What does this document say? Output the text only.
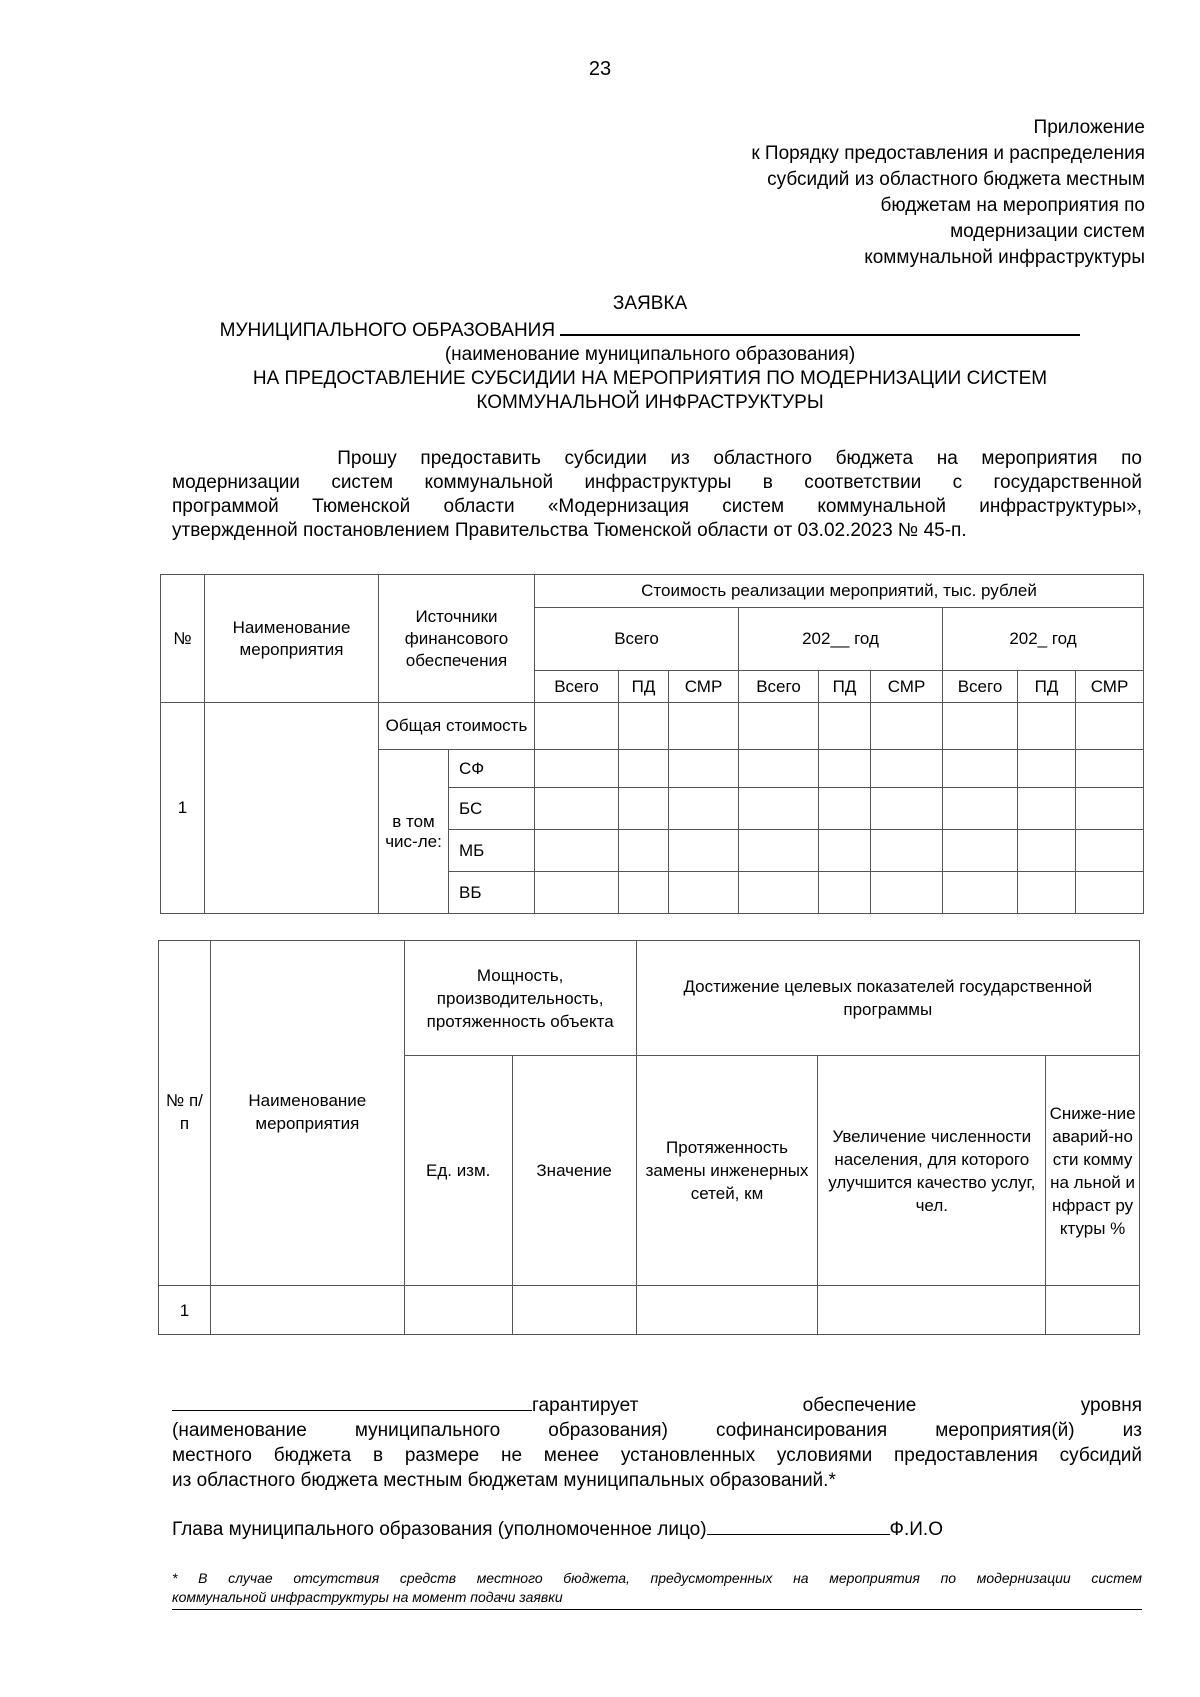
23
Приложение
к Порядку предоставления и распределения
субсидий из областного бюджета местным
бюджетам на мероприятия по
модернизации систем
коммунальной инфраструктуры
ЗАЯВКА
МУНИЦИПАЛЬНОГО ОБРАЗОВАНИЯ
(наименование муниципального образования)
НА ПРЕДОСТАВЛЕНИЕ СУБСИДИИ НА МЕРОПРИЯТИЯ ПО МОДЕРНИЗАЦИИ СИСТЕМ
КОММУНАЛЬНОЙ ИНФРАСТРУКТУРЫ
Прошу предоставить субсидии из областного бюджета на мероприятия по
модернизации систем коммунальной инфраструктуры в соответствии с государственной
программой Тюменской области «Модернизация систем коммунальной инфраструктуры»,
утвержденной постановлением Правительства Тюменской области от 03.02.2023 № 45-п.
№	Наименование мероприятия	Источники финансового обеспечения		Стоимость реализации мероприятий, тыс. рублей								
				Всего			202__ год			202_ год		
				Всего	ПД	СМР	Всего	ПД	СМР	Всего	ПД	СМР
1		Общая стоимость										
		в том чис-ле:	СФ									
			БС									
			МБ									
			ВБ									
№ п/п	Наименование мероприятия	Мощность, производительность, протяженность объекта		Достижение целевых показателей государственной программы		
		Ед. изм.	Значение	Протяженность замены инженерных сетей, км	Увеличение численности населения, для которого улучшится качество услуг, чел.	Сниже-ние аварий-ности коммуна льной инфраст руктуры %
1						
гарантирует	обеспечение	уровня
(наименование муниципального образования) софинансирования мероприятия(й) из
местного бюджета в размере не менее установленных условиями предоставления субсидий
из областного бюджета местным бюджетам муниципальных образований.*
Глава муниципального образования (уполномоченное лицо)	Ф.И.О
* В случае отсутствия средств местного бюджета, предусмотренных на мероприятия по модернизации систем
коммунальной инфраструктуры на момент подачи заявки
